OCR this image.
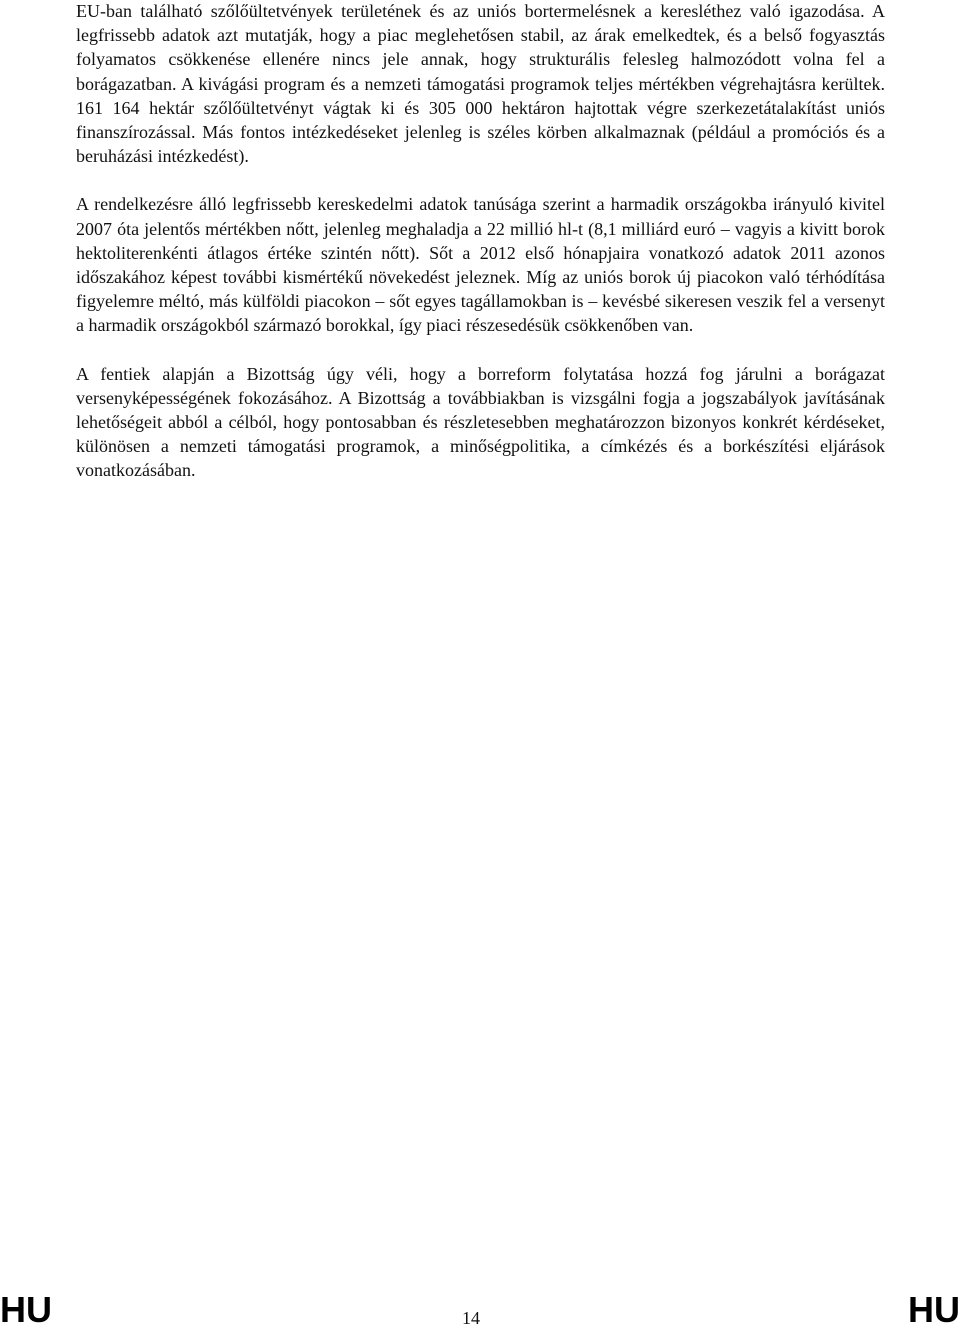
EU-ban található szőlőültetvények területének és az uniós bortermelésnek a keresléthez való igazodása. A legfrissebb adatok azt mutatják, hogy a piac meglehetősen stabil, az árak emelkedtek, és a belső fogyasztás folyamatos csökkenése ellenére nincs jele annak, hogy strukturális felesleg halmozódott volna fel a borágazatban. A kivágási program és a nemzeti támogatási programok teljes mértékben végrehajtásra kerültek. 161 164 hektár szőlőültetvényt vágtak ki és 305 000 hektáron hajtottak végre szerkezetátalakítást uniós finanszírozással. Más fontos intézkedéseket jelenleg is széles körben alkalmaznak (például a promóciós és a beruházási intézkedést).

A rendelkezésre álló legfrissebb kereskedelmi adatok tanúsága szerint a harmadik országokba irányuló kivitel 2007 óta jelentős mértékben nőtt, jelenleg meghaladja a 22 millió hl-t (8,1 milliárd euró – vagyis a kivitt borok hektoliterenkénti átlagos értéke szintén nőtt). Sőt a 2012 első hónapjaira vonatkozó adatok 2011 azonos időszakához képest további kismértékű növekedést jeleznek. Míg az uniós borok új piacokon való térhódítása figyelemre méltó, más külföldi piacokon – sőt egyes tagállamokban is – kevésbé sikeresen veszik fel a versenyt a harmadik országokból származó borokkal, így piaci részesedésük csökkenőben van.

A fentiek alapján a Bizottság úgy véli, hogy a borreform folytatása hozzá fog járulni a borágazat versenyképességének fokozásához. A Bizottság a továbbiakban is vizsgálni fogja a jogszabályok javításának lehetőségeit abból a célból, hogy pontosabban és részletesebben meghatározzon bizonyos konkrét kérdéseket, különösen a nemzeti támogatási programok, a minőségpolitika, a címkézés és a borkészítési eljárások vonatkozásában.

HU	14	HU
